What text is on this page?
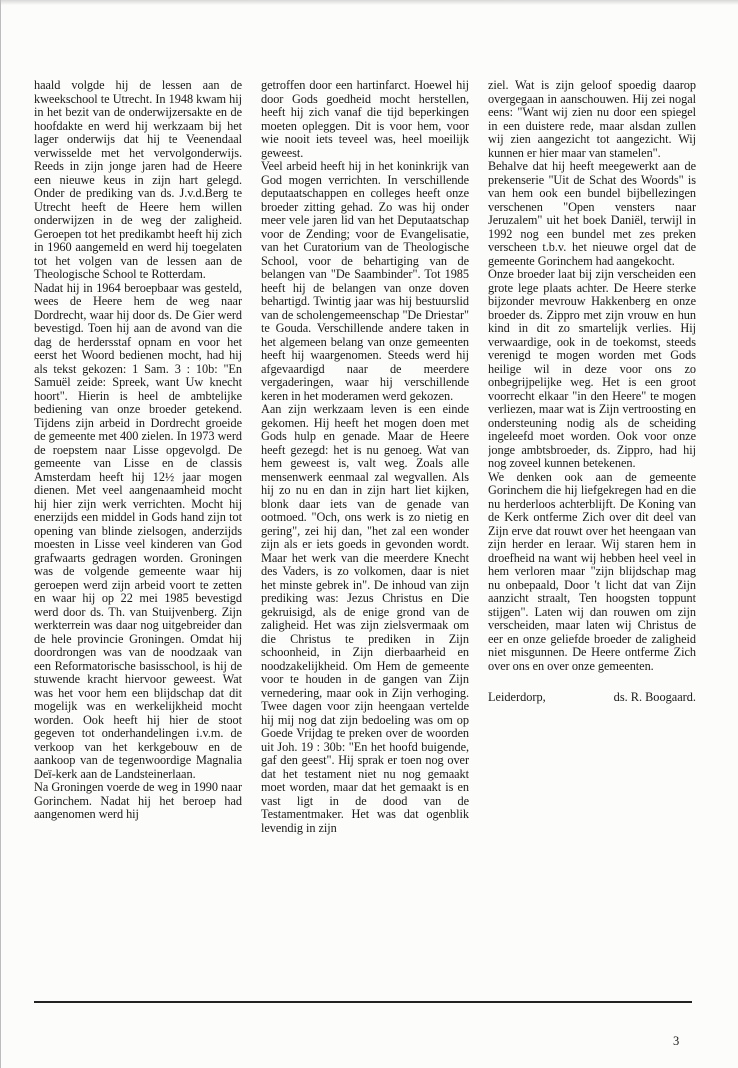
haald volgde hij de lessen aan de kweekschool te Utrecht. In 1948 kwam hij in het bezit van de onderwijzersakte en de hoofdakte en werd hij werkzaam bij het lager onderwijs dat hij te Veenendaal verwisselde met het vervolgonderwijs. Reeds in zijn jonge jaren had de Heere een nieuwe keus in zijn hart gelegd. Onder de prediking van ds. J.v.d.Berg te Utrecht heeft de Heere hem willen onderwijzen in de weg der zaligheid. Geroepen tot het predikambt heeft hij zich in 1960 aangemeld en werd hij toegelaten tot het volgen van de lessen aan de Theologische School te Rotterdam.

Nadat hij in 1964 beroepbaar was gesteld, wees de Heere hem de weg naar Dordrecht, waar hij door ds. De Gier werd bevestigd. Toen hij aan de avond van die dag de herdersstaf opnam en voor het eerst het Woord bedienen mocht, had hij als tekst gekozen: 1 Sam. 3 : 10b: "En Samuël zeide: Spreek, want Uw knecht hoort". Hierin is heel de ambtelijke bediening van onze broeder getekend. Tijdens zijn arbeid in Dordrecht groeide de gemeente met 400 zielen. In 1973 werd de roepstem naar Lisse opgevolgd. De gemeente van Lisse en de classis Amsterdam heeft hij 12½ jaar mogen dienen. Met veel aangenaamheid mocht hij hier zijn werk verrichten. Mocht hij enerzijds een middel in Gods hand zijn tot opening van blinde zielsogen, anderzijds moesten in Lisse veel kinderen van God grafwaarts gedragen worden. Groningen was de volgende gemeente waar hij geroepen werd zijn arbeid voort te zetten en waar hij op 22 mei 1985 bevestigd werd door ds. Th. van Stuijvenberg. Zijn werkterrein was daar nog uitgebreider dan de hele provincie Groningen. Omdat hij doordrongen was van de noodzaak van een Reformatorische basisschool, is hij de stuwende kracht hiervoor geweest. Wat was het voor hem een blijdschap dat dit mogelijk was en werkelijkheid mocht worden. Ook heeft hij hier de stoot gegeven tot onderhandelingen i.v.m. de verkoop van het kerkgebouw en de aankoop van de tegenwoordige Magnalia Deï-kerk aan de Landsteinerlaan.

Na Groningen voerde de weg in 1990 naar Gorinchem. Nadat hij het beroep had aangenomen werd hij

getroffen door een hartinfarct. Hoewel hij door Gods goedheid mocht herstellen, heeft hij zich vanaf die tijd beperkingen moeten opleggen. Dit is voor hem, voor wie nooit iets teveel was, heel moeilijk geweest.

Veel arbeid heeft hij in het koninkrijk van God mogen verrichten. In verschillende deputaatschappen en colleges heeft onze broeder zitting gehad. Zo was hij onder meer vele jaren lid van het Deputaatschap voor de Zending; voor de Evangelisatie, van het Curatorium van de Theologische School, voor de behartiging van de belangen van "De Saambinder". Tot 1985 heeft hij de belangen van onze doven behartigd. Twintig jaar was hij bestuurslid van de scholengemeenschap "De Driestar" te Gouda. Verschillende andere taken in het algemeen belang van onze gemeenten heeft hij waargenomen. Steeds werd hij afgevaardigd naar de meerdere vergaderingen, waar hij verschillende keren in het moderamen werd gekozen.

Aan zijn werkzaam leven is een einde gekomen. Hij heeft het mogen doen met Gods hulp en genade. Maar de Heere heeft gezegd: het is nu genoeg. Wat van hem geweest is, valt weg. Zoals alle mensenwerk eenmaal zal wegvallen. Als hij zo nu en dan in zijn hart liet kijken, blonk daar iets van de genade van ootmoed. "Och, ons werk is zo nietig en gering", zei hij dan, "het zal een wonder zijn als er iets goeds in gevonden wordt. Maar het werk van die meerdere Knecht des Vaders, is zo volkomen, daar is niet het minste gebrek in". De inhoud van zijn prediking was: Jezus Christus en Die gekruisigd, als de enige grond van de zaligheid. Het was zijn zielsvermaak om die Christus te prediken in Zijn schoonheid, in Zijn dierbaarheid en noodzakelijkheid. Om Hem de gemeente voor te houden in de gangen van Zijn vernedering, maar ook in Zijn verhoging. Twee dagen voor zijn heengaan vertelde hij mij nog dat zijn bedoeling was om op Goede Vrijdag te preken over de woorden uit Joh. 19 : 30b: "En het hoofd buigende, gaf den geest". Hij sprak er toen nog over dat het testament niet nu nog gemaakt moet worden, maar dat het gemaakt is en vast ligt in de dood van de Testamentmaker. Het was dat ogenblik levendig in zijn

ziel. Wat is zijn geloof spoedig daarop overgegaan in aanschouwen. Hij zei nogal eens: "Want wij zien nu door een spiegel in een duistere rede, maar alsdan zullen wij zien aangezicht tot aangezicht. Wij kunnen er hier maar van stamelen".

Behalve dat hij heeft meegewerkt aan de prekenserie "Uit de Schat des Woords" is van hem ook een bundel bijbellezingen verschenen "Open vensters naar Jeruzalem" uit het boek Daniël, terwijl in 1992 nog een bundel met zes preken verscheen t.b.v. het nieuwe orgel dat de gemeente Gorinchem had aangekocht.

Onze broeder laat bij zijn verscheiden een grote lege plaats achter. De Heere sterke bijzonder mevrouw Hakkenberg en onze broeder ds. Zippro met zijn vrouw en hun kind in dit zo smartelijk verlies. Hij verwaardige, ook in de toekomst, steeds verenigd te mogen worden met Gods heilige wil in deze voor ons zo onbegrijpelijke weg. Het is een groot voorrecht elkaar "in den Heere" te mogen verliezen, maar wat is Zijn vertroosting en ondersteuning nodig als de scheiding ingeleefd moet worden. Ook voor onze jonge ambtsbroeder, ds. Zippro, had hij nog zoveel kunnen betekenen.

We denken ook aan de gemeente Gorinchem die hij liefgekregen had en die nu herderloos achterblijft. De Koning van de Kerk ontferme Zich over dit deel van Zijn erve dat rouwt over het heengaan van zijn herder en leraar. Wij staren hem in droefheid na want wij hebben heel veel in hem verloren maar "zijn blijdschap mag nu onbepaald, Door 't licht dat van Zijn aanzicht straalt, Ten hoogsten toppunt stijgen". Laten wij dan rouwen om zijn verscheiden, maar laten wij Christus de eer en onze geliefde broeder de zaligheid niet misgunnen. De Heere ontferme Zich over ons en over onze gemeenten.

Leiderdorp,	ds. R. Boogaard.
3
